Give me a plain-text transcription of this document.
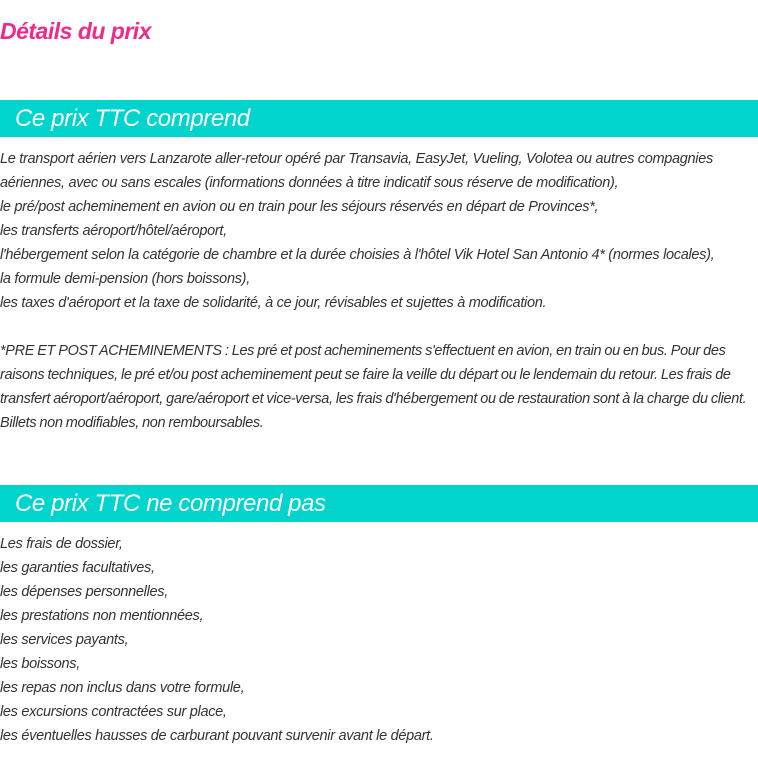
Détails du prix
Ce prix TTC comprend
Le transport aérien vers Lanzarote aller-retour opéré par Transavia, EasyJet, Vueling, Volotea ou autres compagnies
aériennes, avec ou sans escales (informations données à titre indicatif sous réserve de modification),
le pré/post acheminement en avion ou en train pour les séjours réservés en départ de Provinces*,
les transferts aéroport/hôtel/aéroport,
l'hébergement selon la catégorie de chambre et la durée choisies à l'hôtel Vik Hotel San Antonio 4* (normes locales),
la formule demi-pension (hors boissons),
les taxes d'aéroport et la taxe de solidarité, à ce jour, révisables et sujettes à modification.

*PRE ET POST ACHEMINEMENTS : Les pré et post acheminements s'effectuent en avion, en train ou en bus. Pour des raisons techniques, le pré et/ou post acheminement peut se faire la veille du départ ou le lendemain du retour. Les frais de transfert aéroport/aéroport, gare/aéroport et vice-versa, les frais d'hébergement ou de restauration sont à la charge du client. Billets non modifiables, non remboursables.

Ce prix TTC ne comprend pas
Les frais de dossier,
les garanties facultatives,
les dépenses personnelles,
les prestations non mentionnées,
les services payants,
les boissons,
les repas non inclus dans votre formule,
les excursions contractées sur place,
les éventuelles hausses de carburant pouvant survenir avant le départ.
